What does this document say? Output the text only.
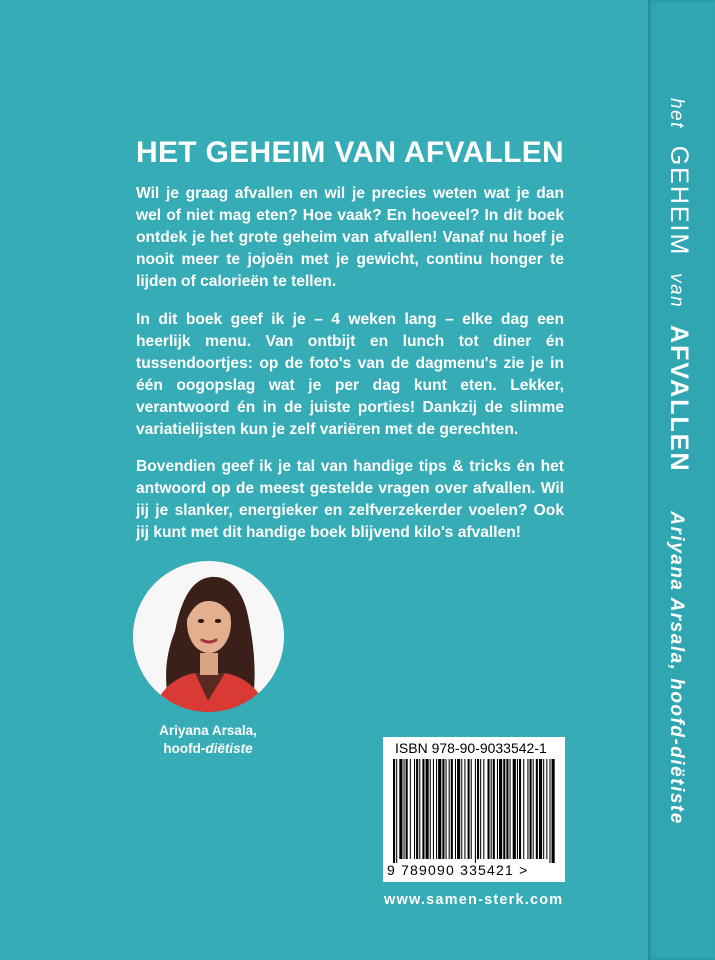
het GEHEIM van AFVALLEN Ariyana Arsala, hoofd-diëtiste
HET GEHEIM VAN AFVALLEN

Wil je graag afvallen en wil je precies weten wat je dan wel of niet mag eten? Hoe vaak? En hoeveel? In dit boek ontdek je het grote geheim van afvallen! Vanaf nu hoef je nooit meer te jojoën met je gewicht, continu honger te lijden of calorieën te tellen.

In dit boek geef ik je – 4 weken lang – elke dag een heerlijk menu. Van ontbijt en lunch tot diner én tussendoortjes: op de foto's van de dagmenu's zie je in één oogopslag wat je per dag kunt eten. Lekker, verantwoord én in de juiste porties! Dankzij de slimme variatielijsten kun je zelf variëren met de gerechten.

Bovendien geef ik je tal van handige tips & tricks én het antwoord op de meest gestelde vragen over afvallen. Wil jij je slanker, energieker en zelfverzekerder voelen? Ook jij kunt met dit handige boek blijvend kilo's afvallen!

Ariyana Arsala,
hoofd-diëtiste	ISBN 978-90-9033542-1
9 789090 335421 >
www.samen-sterk.com
